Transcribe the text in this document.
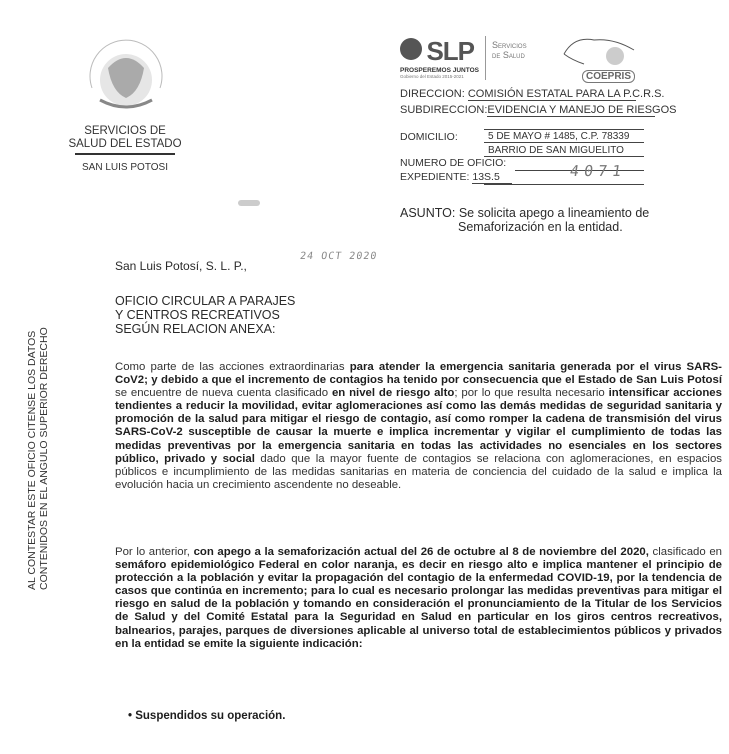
SERVICIOS DE
SALUD DEL ESTADO
SAN LUIS POTOSI
SLP
PROSPEREMOS JUNTOS
Gobierno del Estado 2015-2021
Servicios
de Salud
COEPRIS
DIRECCION: COMISIÓN ESTATAL PARA LA P.C.R.S.
SUBDIRECCION:EVIDENCIA Y MANEJO DE RIESGOS
DOMICILIO:	5 DE MAYO # 1485, C.P. 78339
BARRIO DE SAN MIGUELITO
NUMERO DE OFICIO:	4071
EXPEDIENTE: 13S.5
ASUNTO: Se solicita apego a lineamiento de
Semaforización en la entidad.
San Luis Potosí, S. L. P.,
24 OCT 2020
OFICIO CIRCULAR A PARAJES
Y CENTROS RECREATIVOS
SEGÚN RELACION ANEXA:
AL CONTESTAR ESTE OFICIO CITENSE LOS DATOS CONTENIDOS EN EL ANGULO SUPERIOR DERECHO	Como parte de las acciones extraordinarias para atender la emergencia sanitaria generada por el virus SARS-CoV2; y debido a que el incremento de contagios ha tenido por consecuencia que el Estado de San Luis Potosí se encuentre de nueva cuenta clasificado en nivel de riesgo alto; por lo que resulta necesario intensificar acciones tendientes a reducir la movilidad, evitar aglomeraciones así como las demás medidas de seguridad sanitaria y promoción de la salud para mitigar el riesgo de contagio, así como romper la cadena de transmisión del virus SARS-CoV-2 susceptible de causar la muerte e implica incrementar y vigilar el cumplimiento de todas las medidas preventivas por la emergencia sanitaria en todas las actividades no esenciales en los sectores público, privado y social dado que la mayor fuente de contagios se relaciona con aglomeraciones, en espacios públicos e incumplimiento de las medidas sanitarias en materia de conciencia del cuidado de la salud e implica la evolución hacia un crecimiento ascendente no deseable.
Por lo anterior, con apego a la semaforización actual del 26 de octubre al 8 de noviembre del 2020, clasificado en semáforo epidemiológico Federal en color naranja, es decir en riesgo alto e implica mantener el principio de protección a la población y evitar la propagación del contagio de la enfermedad COVID-19, por la tendencia de casos que continúa en incremento; para lo cual es necesario prolongar las medidas preventivas para mitigar el riesgo en salud de la población y tomando en consideración el pronunciamiento de la Titular de los Servicios de Salud y del Comité Estatal para la Seguridad en Salud en particular en los giros centros recreativos, balnearios, parajes, parques de diversiones aplicable al universo total de establecimientos públicos y privados en la entidad se emite la siguiente indicación:
• Suspendidos su operación.
